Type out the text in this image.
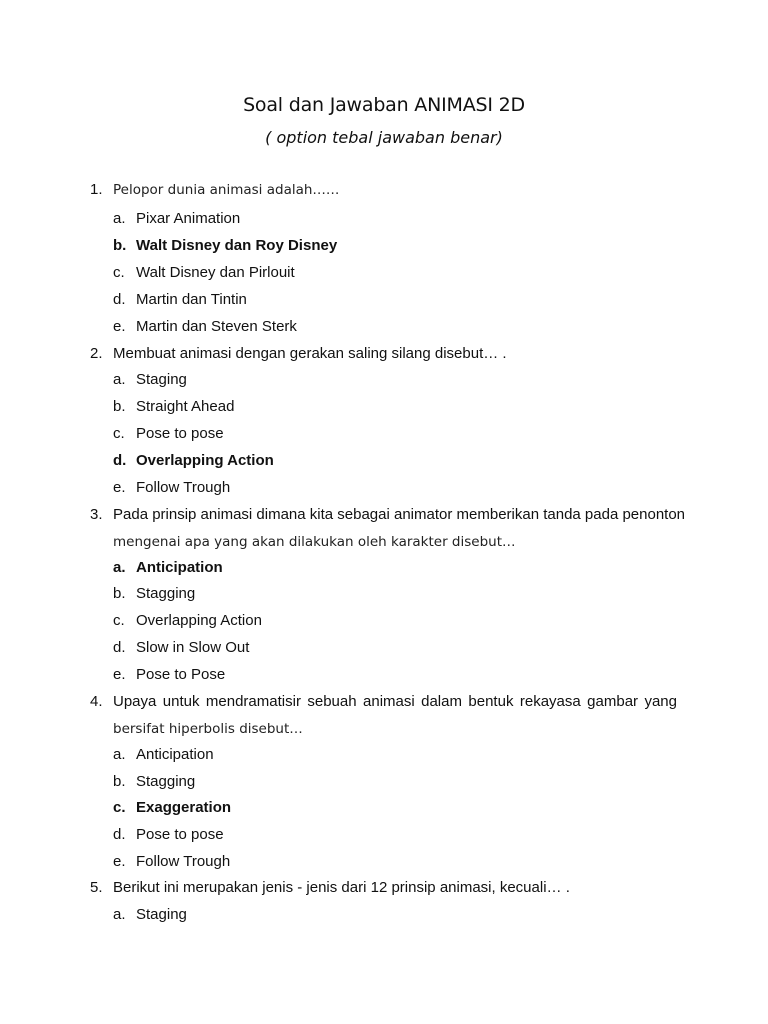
Soal dan Jawaban ANIMASI 2D
( option tebal jawaban benar)
1. Pelopor dunia animasi adalah……
a. Pixar Animation
b. Walt Disney dan Roy Disney
c. Walt Disney dan Pirlouit
d. Martin dan Tintin
e. Martin dan Steven Sterk
2. Membuat animasi dengan gerakan saling silang disebut… .
a. Staging
b. Straight Ahead
c. Pose to pose
d. Overlapping Action
e. Follow Trough
3. Pada prinsip animasi dimana kita sebagai animator memberikan tanda pada penonton
mengenai apa yang akan dilakukan oleh karakter disebut…
a. Anticipation
b. Stagging
c. Overlapping Action
d. Slow in Slow Out
e. Pose to Pose
4. Upaya untuk mendramatisir sebuah animasi dalam bentuk rekayasa gambar yang
bersifat hiperbolis disebut…
a. Anticipation
b. Stagging
c. Exaggeration
d. Pose to pose
e. Follow Trough
5. Berikut ini merupakan jenis - jenis dari 12 prinsip animasi, kecuali… .
a. Staging
